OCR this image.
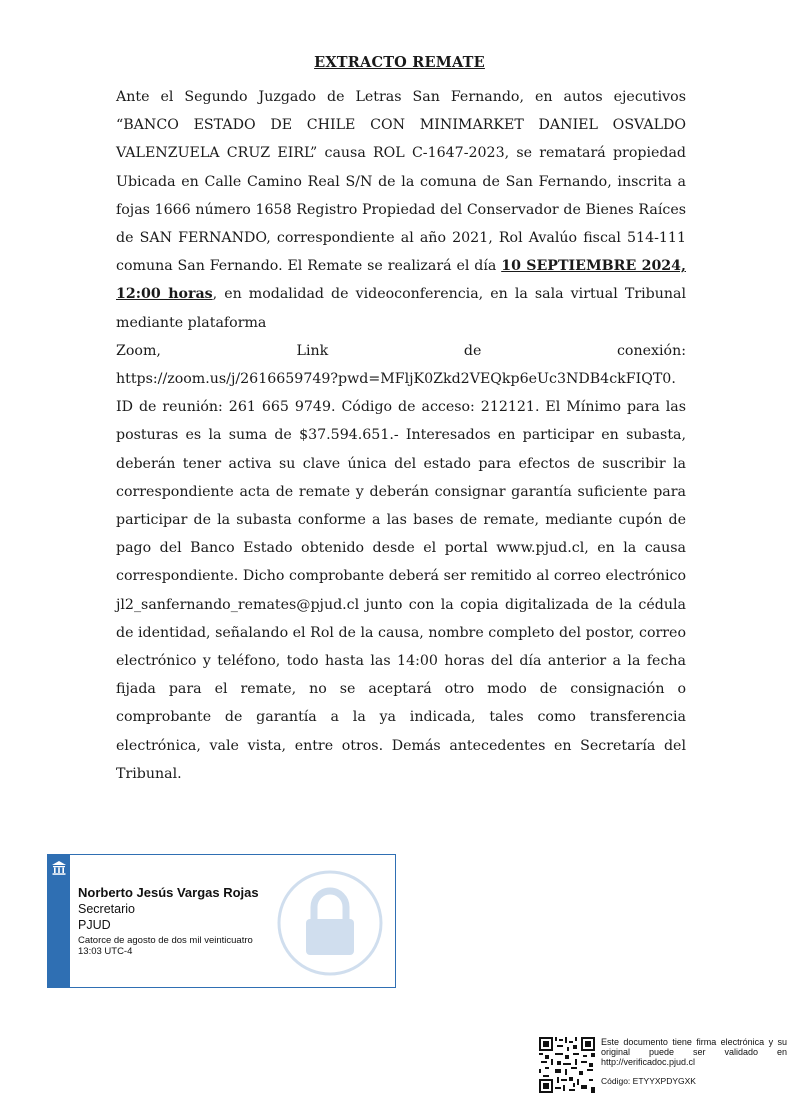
EXTRACTO REMATE

Ante el Segundo Juzgado de Letras San Fernando, en autos ejecutivos “BANCO ESTADO DE CHILE CON MINIMARKET DANIEL OSVALDO VALENZUELA CRUZ EIRL” causa ROL C-1647-2023, se rematará propiedad Ubicada en Calle Camino Real S/N de la comuna de San Fernando, inscrita a fojas 1666 número 1658 Registro Propiedad del Conservador de Bienes Raíces de SAN FERNANDO, correspondiente al año 2021, Rol Avalúo fiscal 514-111 comuna San Fernando. El Remate se realizará el día 10 SEPTIEMBRE 2024, 12:00 horas, en modalidad de videoconferencia, en la sala virtual Tribunal mediante plataforma

Zoom,	Link	de	conexión:

https://zoom.us/j/2616659749?pwd=MFljK0Zkd2VEQkp6eUc3NDB4ckFIQT0. ID de reunión: 261 665 9749. Código de acceso: 212121. El Mínimo para las posturas es la suma de $37.594.651.- Interesados en participar en subasta, deberán tener activa su clave única del estado para efectos de suscribir la correspondiente acta de remate y deberán consignar garantía suficiente para participar de la subasta conforme a las bases de remate, mediante cupón de pago del Banco Estado obtenido desde el portal www.pjud.cl, en la causa correspondiente. Dicho comprobante deberá ser remitido al correo electrónico jl2_sanfernando_remates@pjud.cl junto con la copia digitalizada de la cédula de identidad, señalando el Rol de la causa, nombre completo del postor, correo electrónico y teléfono, todo hasta las 14:00 horas del día anterior a la fecha fijada para el remate, no se aceptará otro modo de consignación o comprobante de garantía a la ya indicada, tales como transferencia electrónica, vale vista, entre otros. Demás antecedentes en Secretaría del Tribunal.

Norberto Jesús Vargas Rojas
Secretario
PJUD
Catorce de agosto de dos mil veinticuatro
13:03 UTC-4
Este documento tiene firma electrónica y su original puede ser validado en http://verificadoc.pjud.cl
Código: ETYYXPDYGXK
